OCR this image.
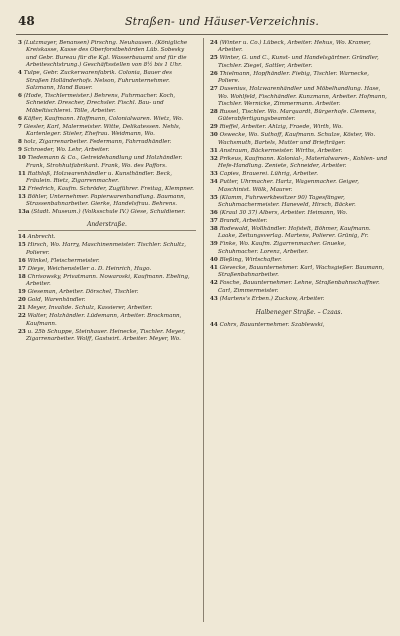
48	Straßen- und Häuser-Verzeichnis.
3 (Lutzmayer, Benansen) Pirschng. Neuhausen. (Königliche Kreiskasse, Kasse des Oberforstbehörden Lüb. Sobesky und Gebr. Bureau für die Kgl. Wasserbauamt und für die Arbeiteschtstrung.) Geschäftsstellen von 8½ bis 1 Uhr.
4 Tulpe, Gebr. Zuckerwarenfabrik. Colonia, Bauer des Straßen Holländerhofs. Nelson, Fuhrunternehmer. Salzmann, Hand Bauer.
6 (Hode, Tischlermeister.) Behrens, Fuhrmacher. Koch, Schneider. Drescher, Drechsler. Fischl. Bau- und Möbeltischlerei. Tölle, Arbeiter.
6 Käfter, Kaufmann. Hoffmann, Colonialwaren. Wietz, Wo.
7 Giesler, Karl, Malermeister. Witte, Delikatessen. Nehls, Kartenleger. Stieler, Ehefrau. Weidmann, Wo.
8 holz, Zigarrenarbeiter. Federmann, Fahrradhändler.
9 Schroeder, Wo. Lehr, Arbeiter.
10 Tiedemann & Co., Getreidehandlung und Holzhändler. Frank, Strohhutfabrikant. Frank, Wo. des Paffors.
11 Rathloß, Holzwarenhändler u. Kunsthändler. Beck, Fräulein. Rietz, Zigarrenmacher.
12 Friedrich, Kaufm. Schröder, Zugführer. Freitag, Klempner.
13 Böhler, Unternehmer. Papierwarenhandlung. Baumann, Strassenbahnarbeiter. Gierke, Handelsfrau. Behrens.
13a (Stadt. Museum.) (Volksschule IV.) Giese, Schuldiener.
Anderstraße.
14 Anbrecht.
15 Hirsch, Wo. Harry, Maschinenmeister. Tischler. Schultz, Polierer.
16 Winkel, Fleischermeister.
17 Dieye, Weichensteller a. D. Heinrich, Hugo.
18 Chrisowsky, Privatmann. Nowaroski, Kaufmann. Ebeling, Arbeiter.
19 Gieseman, Arbeiter. Dörschel, Tischler.
20 Gold, Warenhändler.
21 Meyer, Invalide. Schulz, Kassierer, Arbeiter.
22 Walter, Holzhändler. Lüdemann, Arbeiter. Brockmann, Kaufmann.
23 u. 25b Schuppe, Steinhauer. Heinecke, Tischler. Meyer, Zigarrenarbeiter. Wolff, Gastwirt. Arbeiter. Meyer, Wo.
24 (Winter u. Co.) Lübeck, Arbeiter. Hehus, Wo. Kramer, Arbeiter.
25 Winter, G. und C., Kunst- und Handelsgärtner. Gründler, Tischler. Ziegel, Sattler, Arbeiter.
26 Thielmann, Hopfhändler. Fiebig, Tischler. Warnecke, Poliere.
27 Dusenius, Holzwarenhändler und Möbelhandlung. Hase, Wo. Wohlfeld, Fischhändler. Kunzmann, Arbeiter. Hofmann, Tischler. Wernicke, Zimmermann. Arbeiter.
28 Russel, Tischler. Wo. Marquardt, Bürgerhofe. Clemens, Güterabfertigungsbeamter.
29 Rieffel, Arbeiter. Ahlzig, Fraede, Wirth, Wo.
30 Oswecke, Wo. Suthoff, Kaufmann. Schulze, Köster, Wo. Wachsmuth, Bartels, Mutter und Briefträger.
31 Anstraum, Bäckermeister. Wirths, Arbeiter.
32 Prikeus, Kaufmann. Kolonial-, Materialwaren-, Kohlen- und Hefe-Handlung. Zeniete, Schneider, Arbeiter.
33 Capies, Brauerei. Lührig, Arbeiter.
34 Putter, Uhrmacher. Hartz, Wagenmacher. Geiger, Maschinist. Wölk, Maurer.
35 (Klamm, Fuhrwerkbesitzer 90) Tagesfänger, Schuhmachermeister. Haneveld, Hirsch, Bäcker.
36 (Kraul 30 37) Albers, Arbeiter. Heimann, Wo.
37 Brandt, Arbeiter.
38 Rodewald, Wollhändler. Hofstelt, Böhmer, Kaufmann. Laake, Zeitungsverlag. Martens, Polierer. Grünig, Fr.
39 Finke, Wo. Kaufm. Zigarrenmacher. Gnueke, Schuhmacher. Lorenz, Arbeiter.
40 Bleßing, Wirtschafter.
41 Gievecke, Bauunternehmer. Karl, Wachsgießer. Baumann, Straßenbahnarbeiter.
42 Fosche, Bauunternehmer. Lehne, Straßenbahnschaffner. Carl, Zimmermeister.
43 (Martens's Erben.) Zuckow, Arbeiter.
Halbeneger Straße. – Czaas.
44 Cohrs, Bauunternehmer. Szablewski,
